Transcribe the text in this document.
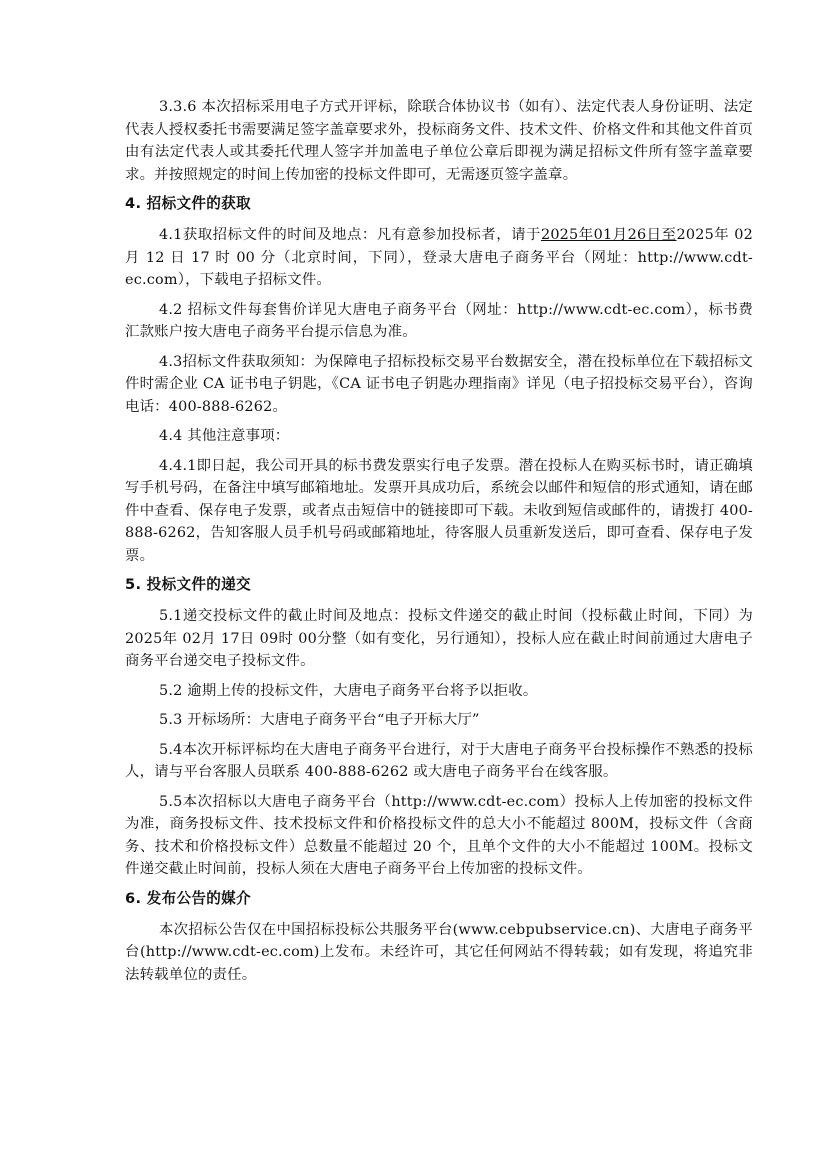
3.3.6 本次招标采用电子方式开评标，除联合体协议书（如有）、法定代表人身份证明、法定代表人授权委托书需要满足签字盖章要求外，投标商务文件、技术文件、价格文件和其他文件首页由有法定代表人或其委托代理人签字并加盖电子单位公章后即视为满足招标文件所有签字盖章要求。并按照规定的时间上传加密的投标文件即可，无需逐页签字盖章。

4. 招标文件的获取

4.1获取招标文件的时间及地点：凡有意参加投标者，请于2025年01月26日至2025年 02 月 12 日 17 时 00 分（北京时间，下同），登录大唐电子商务平台（网址：http://www.cdt-ec.com），下载电子招标文件。

4.2 招标文件每套售价详见大唐电子商务平台（网址：http://www.cdt-ec.com），标书费汇款账户按大唐电子商务平台提示信息为准。

4.3招标文件获取须知：为保障电子招标投标交易平台数据安全，潜在投标单位在下载招标文件时需企业 CA 证书电子钥匙，《CA 证书电子钥匙办理指南》详见（电子招投标交易平台），咨询电话：400-888-6262。

4.4 其他注意事项：

4.4.1即日起，我公司开具的标书费发票实行电子发票。潜在投标人在购买标书时，请正确填写手机号码，在备注中填写邮箱地址。发票开具成功后，系统会以邮件和短信的形式通知，请在邮件中查看、保存电子发票，或者点击短信中的链接即可下载。未收到短信或邮件的，请拨打 400-888-6262，告知客服人员手机号码或邮箱地址，待客服人员重新发送后，即可查看、保存电子发票。

5. 投标文件的递交

5.1递交投标文件的截止时间及地点：投标文件递交的截止时间（投标截止时间，下同）为 2025年 02月 17日 09时 00分整（如有变化，另行通知），投标人应在截止时间前通过大唐电子商务平台递交电子投标文件。

5.2 逾期上传的投标文件，大唐电子商务平台将予以拒收。

5.3 开标场所：大唐电子商务平台“电子开标大厅”

5.4本次开标评标均在大唐电子商务平台进行，对于大唐电子商务平台投标操作不熟悉的投标人，请与平台客服人员联系 400-888-6262 或大唐电子商务平台在线客服。

5.5本次招标以大唐电子商务平台（http://www.cdt-ec.com）投标人上传加密的投标文件为准，商务投标文件、技术投标文件和价格投标文件的总大小不能超过 800M，投标文件（含商务、技术和价格投标文件）总数量不能超过 20 个，且单个文件的大小不能超过 100M。投标文件递交截止时间前，投标人须在大唐电子商务平台上传加密的投标文件。

6. 发布公告的媒介

本次招标公告仅在中国招标投标公共服务平台(www.cebpubservice.cn)、大唐电子商务平台(http://www.cdt-ec.com)上发布。未经许可，其它任何网站不得转载；如有发现，将追究非法转载单位的责任。
